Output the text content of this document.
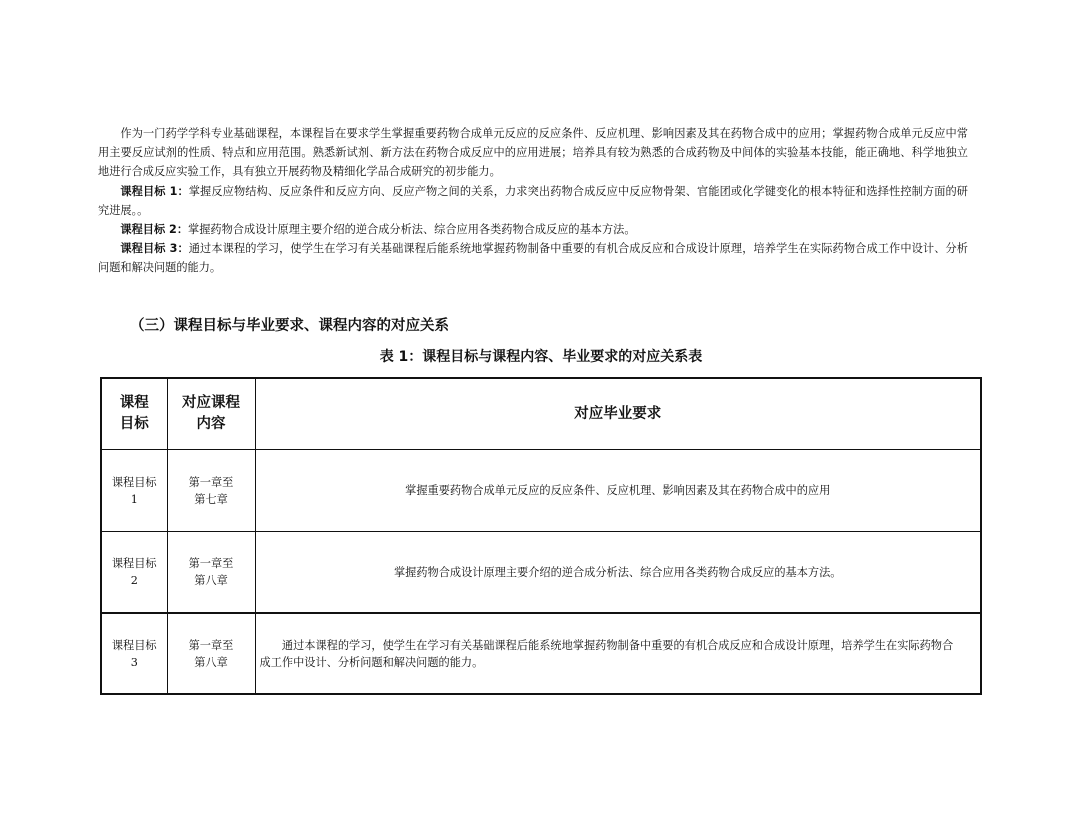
作为一门药学学科专业基础课程，本课程旨在要求学生掌握重要药物合成单元反应的反应条件、反应机理、影响因素及其在药物合成中的应用；掌握药物合成单元反应中常用主要反应试剂的性质、特点和应用范围。熟悉新试剂、新方法在药物合成反应中的应用进展；培养具有较为熟悉的合成药物及中间体的实验基本技能，能正确地、科学地独立地进行合成反应实验工作，具有独立开展药物及精细化学品合成研究的初步能力。

课程目标 1：掌握反应物结构、反应条件和反应方向、反应产物之间的关系，力求突出药物合成反应中反应物骨架、官能团或化学键变化的根本特征和选择性控制方面的研究进展。。

课程目标 2：掌握药物合成设计原理主要介绍的逆合成分析法、综合应用各类药物合成反应的基本方法。

课程目标 3：通过本课程的学习，使学生在学习有关基础课程后能系统地掌握药物制备中重要的有机合成反应和合成设计原理，培养学生在实际药物合成工作中设计、分析问题和解决问题的能力。

（三）课程目标与毕业要求、课程内容的对应关系
表 1：课程目标与课程内容、毕业要求的对应关系表
课程目标	对应课程内容	对应毕业要求
课程目标 1	第一章至第七章	掌握重要药物合成单元反应的反应条件、反应机理、影响因素及其在药物合成中的应用
课程目标 2	第一章至第八章	掌握药物合成设计原理主要介绍的逆合成分析法、综合应用各类药物合成反应的基本方法。
课程目标 3	第一章至第八章	通过本课程的学习，使学生在学习有关基础课程后能系统地掌握药物制备中重要的有机合成反应和合成设计原理，培养学生在实际药物合成工作中设计、分析问题和解决问题的能力。
